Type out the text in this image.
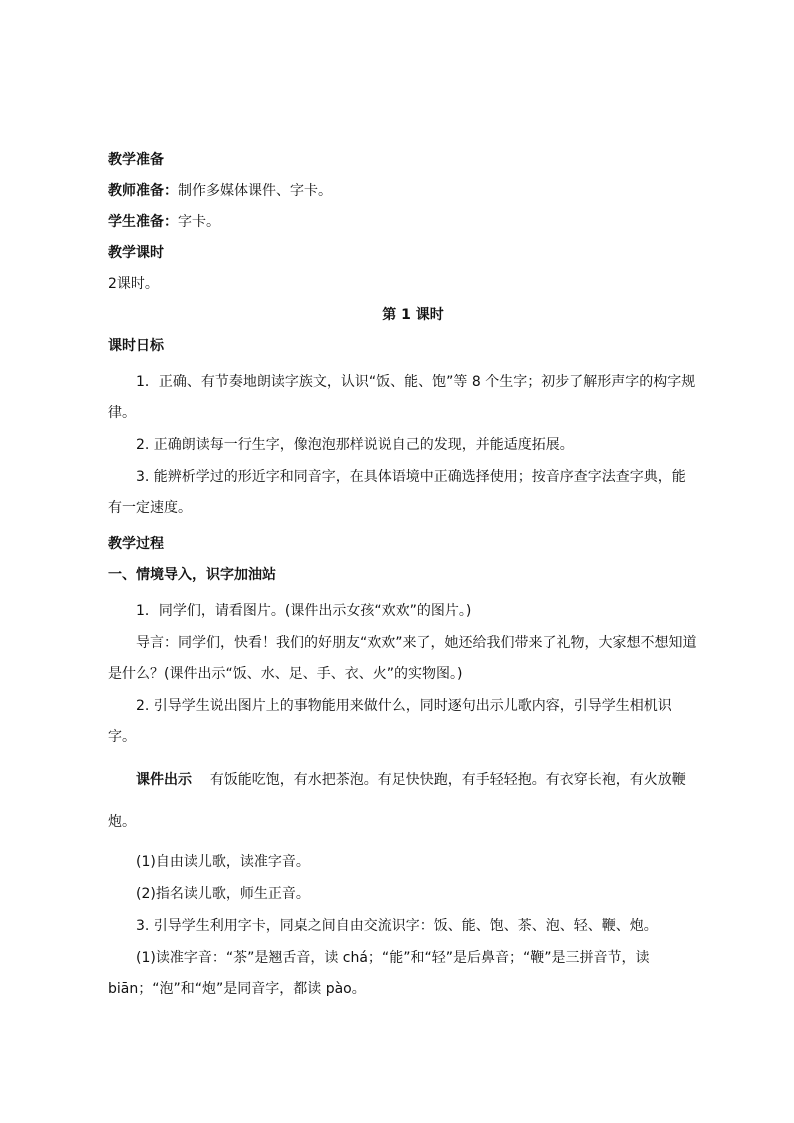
教学准备
教师准备：制作多媒体课件、字卡。
学生准备：字卡。
教学课时
2课时。
第 1 课时
课时日标
1．正确、有节奏地朗读字族文，认识“饭、能、饱”等 8 个生字；初步了解形声字的构字规律。
2. 正确朗读每一行生字，像泡泡那样说说自己的发现，并能适度拓展。
3. 能辨析学过的形近字和同音字，在具体语境中正确选择使用；按音序查字法查字典，能有一定速度。
教学过程
一、情境导入，识字加油站
1．同学们，请看图片。(课件出示女孩“欢欢”的图片。)
导言：同学们，快看！我们的好朋友“欢欢”来了，她还给我们带来了礼物，大家想不想知道是什么？(课件出示“饭、水、足、手、衣、火”的实物图。)
2. 引导学生说出图片上的事物能用来做什么，同时逐句出示儿歌内容，引导学生相机识字。
课件出示 有饭能吃饱，有水把茶泡。有足快快跑，有手轻轻抱。有衣穿长袍，有火放鞭炮。
(1)自由读儿歌，读准字音。
(2)指名读儿歌，师生正音。
3. 引导学生利用字卡，同桌之间自由交流识字：饭、能、饱、茶、泡、轻、鞭、炮。
(1)读准字音：“茶”是翘舌音，读 chá；“能”和“轻”是后鼻音；“鞭”是三拼音节，读 biān；“泡”和“炮”是同音字，都读 pào。
